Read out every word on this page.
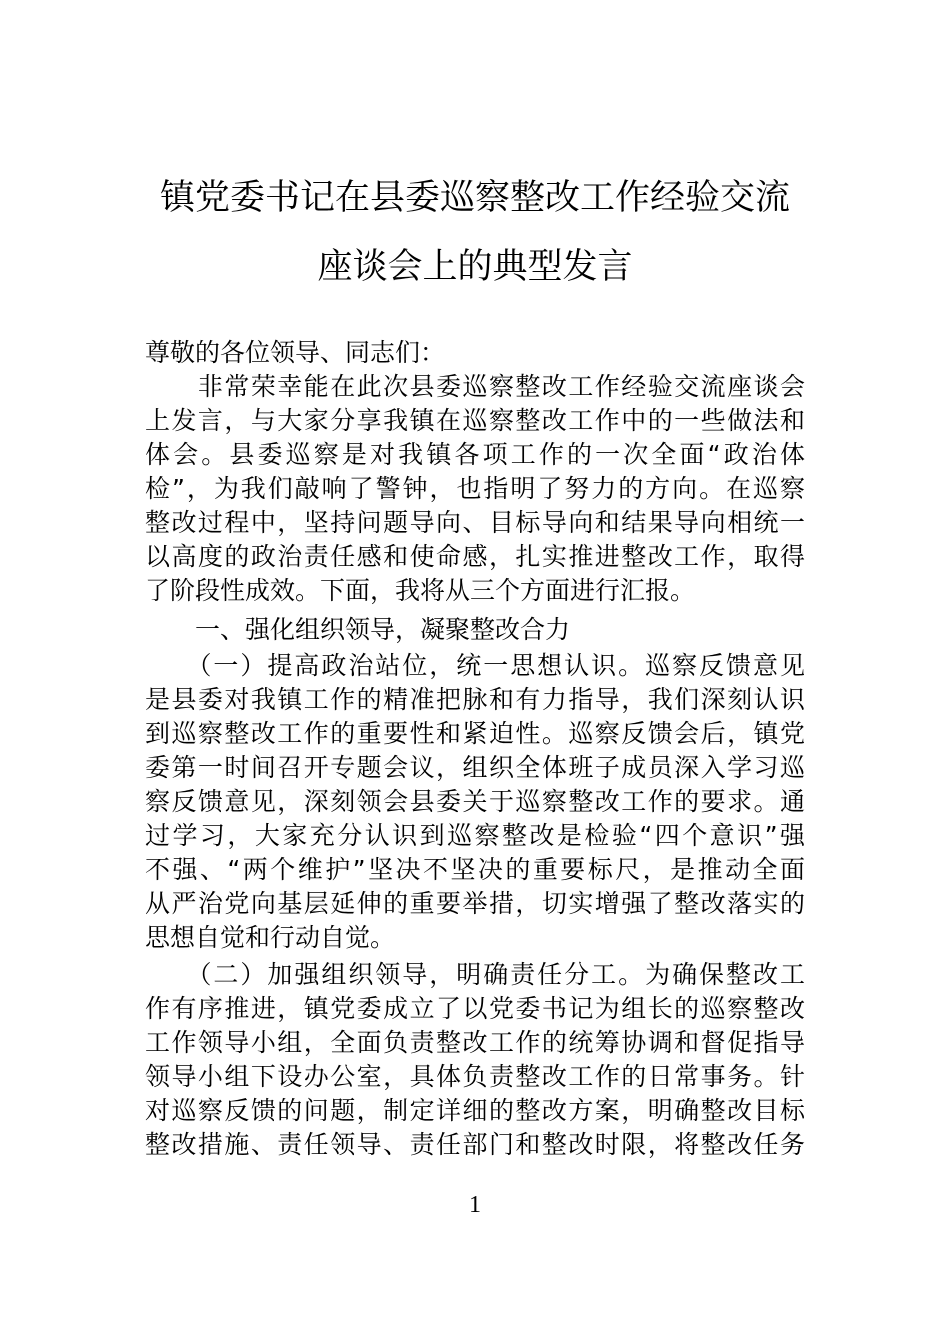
镇党委书记在县委巡察整改工作经验交流
座谈会上的典型发言
尊敬的各位领导、同志们：
　　非常荣幸能在此次县委巡察整改工作经验交流座谈会
上发言，与大家分享我镇在巡察整改工作中的一些做法和
体会。县委巡察是对我镇各项工作的一次全面“政治体
检”，为我们敲响了警钟，也指明了努力的方向。在巡察
整改过程中，坚持问题导向、目标导向和结果导向相统一
以高度的政治责任感和使命感，扎实推进整改工作，取得
了阶段性成效。下面，我将从三个方面进行汇报。
　　一、强化组织领导，凝聚整改合力
　　（一）提高政治站位，统一思想认识。巡察反馈意见
是县委对我镇工作的精准把脉和有力指导，我们深刻认识
到巡察整改工作的重要性和紧迫性。巡察反馈会后，镇党
委第一时间召开专题会议，组织全体班子成员深入学习巡
察反馈意见，深刻领会县委关于巡察整改工作的要求。通
过学习，大家充分认识到巡察整改是检验“四个意识”强
不强、“两个维护”坚决不坚决的重要标尺，是推动全面
从严治党向基层延伸的重要举措，切实增强了整改落实的
思想自觉和行动自觉。
　　（二）加强组织领导，明确责任分工。为确保整改工
作有序推进，镇党委成立了以党委书记为组长的巡察整改
工作领导小组，全面负责整改工作的统筹协调和督促指导
领导小组下设办公室，具体负责整改工作的日常事务。针
对巡察反馈的问题，制定详细的整改方案，明确整改目标
整改措施、责任领导、责任部门和整改时限，将整改任务
1
